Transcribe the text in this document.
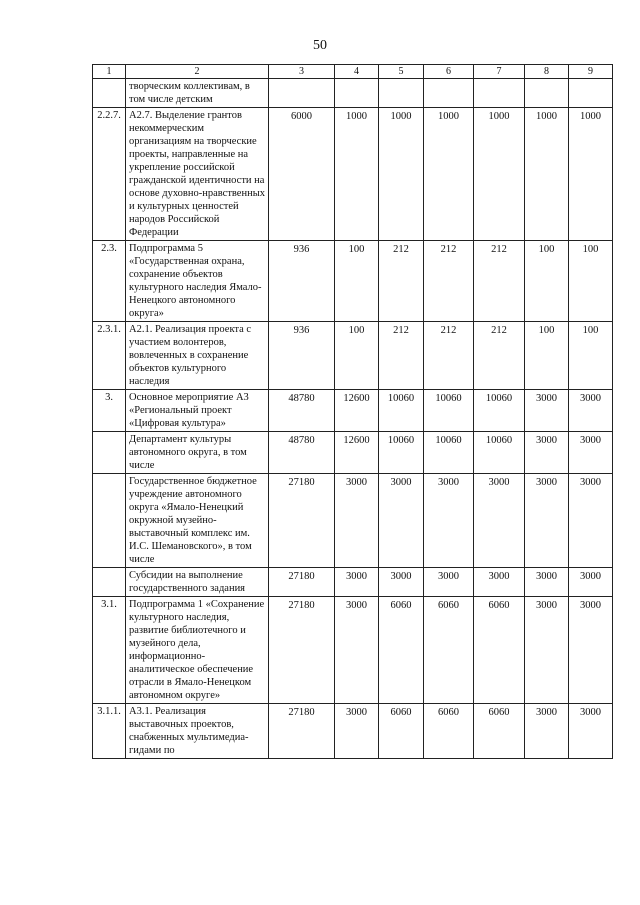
50
1	2	3	4	5	6	7	8	9
	творческим коллективам, в том числе детским							
2.2.7.	А2.7. Выделение грантов некоммерческим организациям на творческие проекты, направленные на укрепление российской гражданской идентичности на основе духовно-нравственных и культурных ценностей народов Российской Федерации	6000	1000	1000	1000	1000	1000	1000
2.3.	Подпрограмма 5 «Государственная охрана, сохранение объектов культурного наследия Ямало-Ненецкого автономного округа»	936	100	212	212	212	100	100
2.3.1.	А2.1. Реализация проекта с участием волонтеров, вовлеченных в сохранение объектов культурного наследия	936	100	212	212	212	100	100
3.	Основное мероприятие А3 «Региональный проект «Цифровая культура»	48780	12600	10060	10060	10060	3000	3000
	Департамент культуры автономного округа, в том числе	48780	12600	10060	10060	10060	3000	3000
	Государственное бюджетное учреждение автономного округа «Ямало-Ненецкий окружной музейно-выставочный комплекс им. И.С. Шемановского», в том числе	27180	3000	3000	3000	3000	3000	3000
	Субсидии на выполнение государственного задания	27180	3000	3000	3000	3000	3000	3000
3.1.	Подпрограмма 1 «Сохранение культурного наследия, развитие библиотечного и музейного дела, информационно-аналитическое обеспечение отрасли в Ямало-Ненецком автономном округе»	27180	3000	6060	6060	6060	3000	3000
3.1.1.	А3.1. Реализация выставочных проектов, снабженных мультимедиа-гидами по	27180	3000	6060	6060	6060	3000	3000
